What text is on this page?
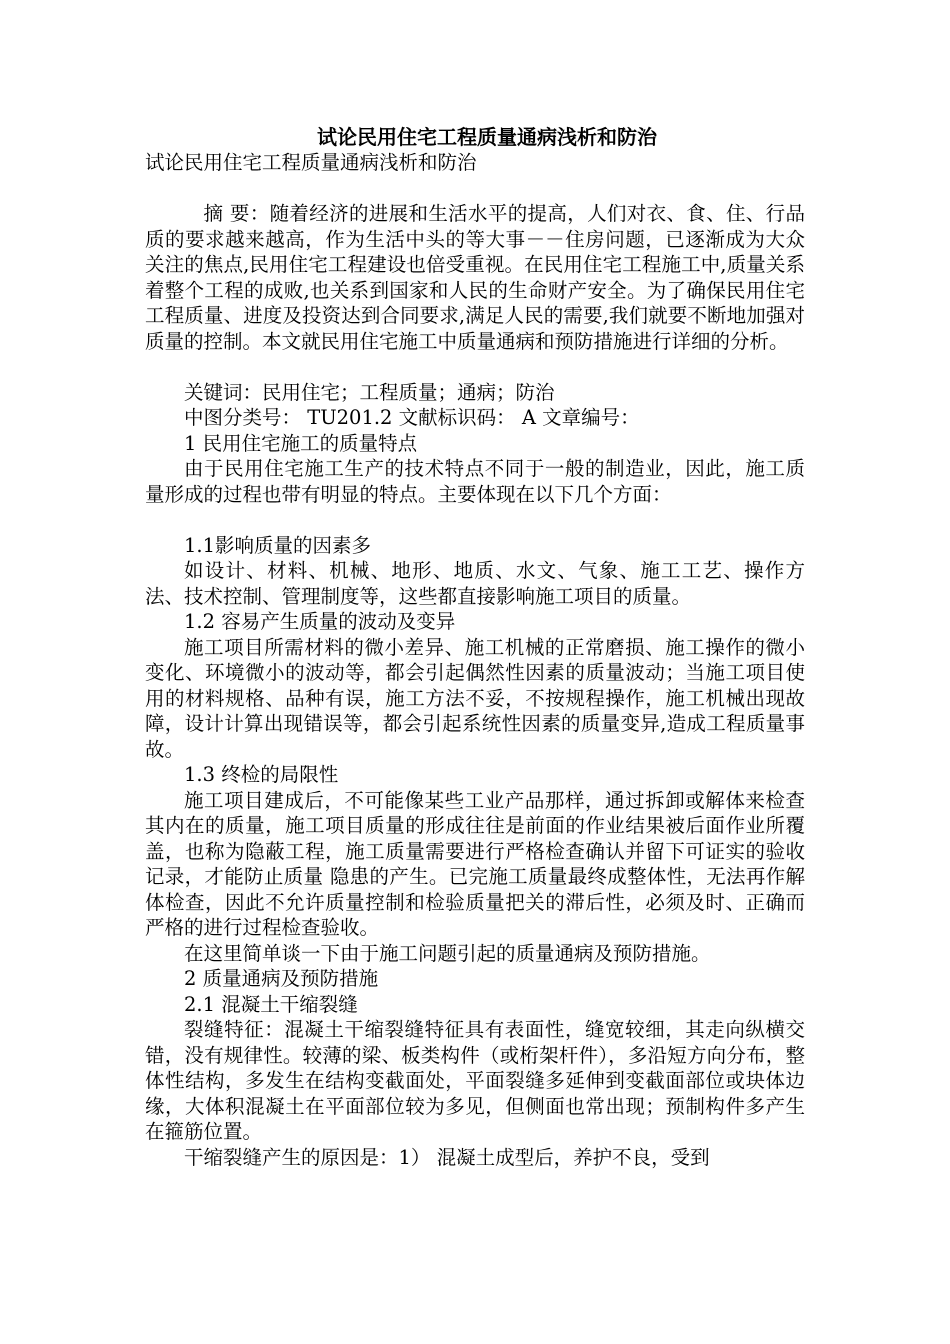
试论民用住宅工程质量通病浅析和防治

试论民用住宅工程质量通病浅析和防治

摘 要：随着经济的进展和生活水平的提高，人们对衣、食、住、行品质的要求越来越高，作为生活中头的等大事－－住房问题，已逐渐成为大众关注的焦点,民用住宅工程建设也倍受重视。在民用住宅工程施工中,质量关系着整个工程的成败,也关系到国家和人民的生命财产安全。为了确保民用住宅工程质量、进度及投资达到合同要求,满足人民的需要,我们就要不断地加强对质量的控制。本文就民用住宅施工中质量通病和预防措施进行详细的分析。

关键词：民用住宅；工程质量；通病；防治

中图分类号： TU201.2 文献标识码： A 文章编号：

1 民用住宅施工的质量特点

由于民用住宅施工生产的技术特点不同于一般的制造业，因此，施工质量形成的过程也带有明显的特点。主要体现在以下几个方面：

1.1影响质量的因素多

如设计、材料、机械、地形、地质、水文、气象、施工工艺、操作方法、技术控制、管理制度等，这些都直接影响施工项目的质量。

1.2 容易产生质量的波动及变异

施工项目所需材料的微小差异、施工机械的正常磨损、施工操作的微小变化、环境微小的波动等，都会引起偶然性因素的质量波动；当施工项目使用的材料规格、品种有误，施工方法不妥，不按规程操作，施工机械出现故障，设计计算出现错误等，都会引起系统性因素的质量变异,造成工程质量事故。

1.3 终检的局限性

施工项目建成后，不可能像某些工业产品那样，通过拆卸或解体来检查其内在的质量，施工项目质量的形成往往是前面的作业结果被后面作业所覆盖，也称为隐蔽工程，施工质量需要进行严格检查确认并留下可证实的验收记录，才能防止质量 隐患的产生。已完施工质量最终成整体性，无法再作解体检查，因此不允许质量控制和检验质量把关的滞后性，必须及时、正确而严格的进行过程检查验收。

在这里简单谈一下由于施工问题引起的质量通病及预防措施。

2 质量通病及预防措施

2.1 混凝土干缩裂缝

裂缝特征：混凝土干缩裂缝特征具有表面性，缝宽较细，其走向纵横交错，没有规律性。较薄的梁、板类构件（或桁架杆件），多沿短方向分布，整体性结构，多发生在结构变截面处，平面裂缝多延伸到变截面部位或块体边缘，大体积混凝土在平面部位较为多见，但侧面也常出现；预制构件多产生在箍筋位置。

干缩裂缝产生的原因是：1） 混凝土成型后，养护不良，受到
